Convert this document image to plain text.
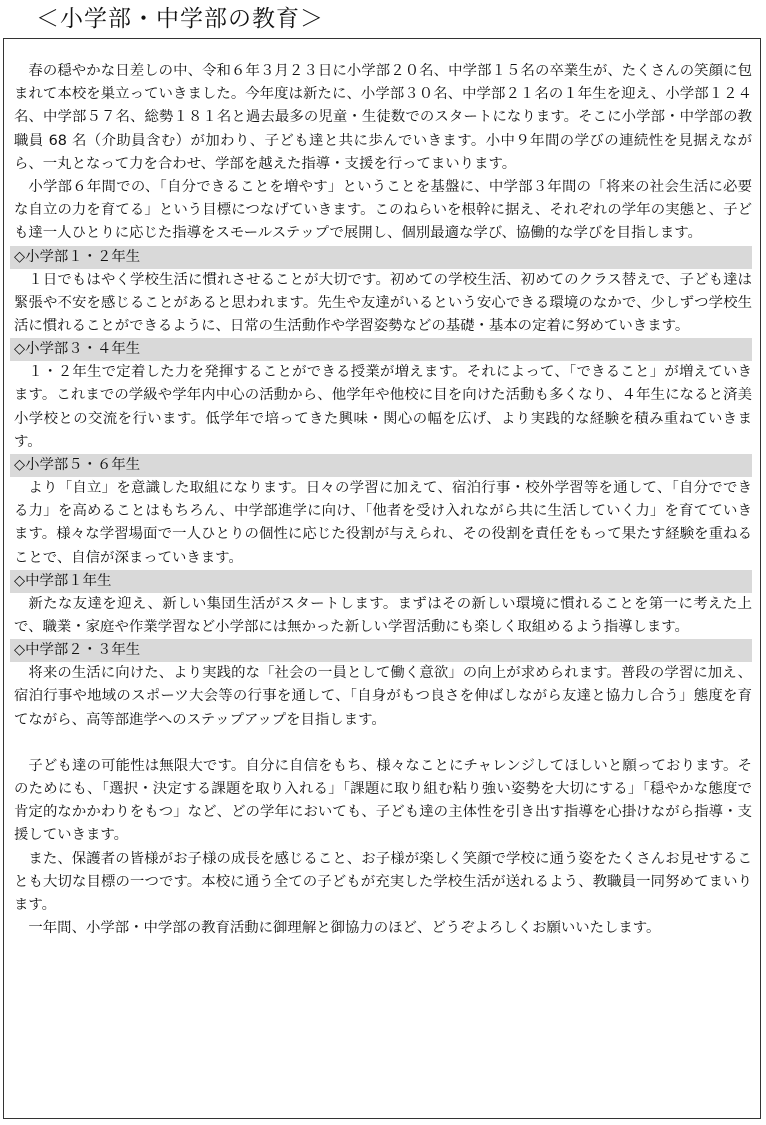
＜小学部・中学部の教育＞

春の穏やかな日差しの中、令和６年３月２３日に小学部２０名、中学部１５名の卒業生が、たくさんの笑顔に包まれて本校を巣立っていきました。今年度は新たに、小学部３０名、中学部２１名の１年生を迎え、小学部１２４名、中学部５７名、総勢１８１名と過去最多の児童・生徒数でのスタートになります。そこに小学部・中学部の教職員 68 名（介助員含む）が加わり、子ども達と共に歩んでいきます。小中９年間の学びの連続性を見据えながら、一丸となって力を合わせ、学部を越えた指導・支援を行ってまいります。

小学部６年間での、「自分できることを増やす」ということを基盤に、中学部３年間の「将来の社会生活に必要な自立の力を育てる」という目標につなげていきます。このねらいを根幹に据え、それぞれの学年の実態と、子ども達一人ひとりに応じた指導をスモールステップで展開し、個別最適な学び、協働的な学びを目指します。

◇小学部１・２年生

１日でもはやく学校生活に慣れさせることが大切です。初めての学校生活、初めてのクラス替えで、子ども達は緊張や不安を感じることがあると思われます。先生や友達がいるという安心できる環境のなかで、少しずつ学校生活に慣れることができるように、日常の生活動作や学習姿勢などの基礎・基本の定着に努めていきます。

◇小学部３・４年生

１・２年生で定着した力を発揮することができる授業が増えます。それによって、「できること」が増えていきます。これまでの学級や学年内中心の活動から、他学年や他校に目を向けた活動も多くなり、４年生になると済美小学校との交流を行います。低学年で培ってきた興味・関心の幅を広げ、より実践的な経験を積み重ねていきます。

◇小学部５・６年生

より「自立」を意識した取組になります。日々の学習に加えて、宿泊行事・校外学習等を通して、「自分でできる力」を高めることはもちろん、中学部進学に向け、「他者を受け入れながら共に生活していく力」を育てていきます。様々な学習場面で一人ひとりの個性に応じた役割が与えられ、その役割を責任をもって果たす経験を重ねることで、自信が深まっていきます。

◇中学部１年生

新たな友達を迎え、新しい集団生活がスタートします。まずはその新しい環境に慣れることを第一に考えた上で、職業・家庭や作業学習など小学部には無かった新しい学習活動にも楽しく取組めるよう指導します。

◇中学部２・３年生

将来の生活に向けた、より実践的な「社会の一員として働く意欲」の向上が求められます。普段の学習に加え、宿泊行事や地域のスポーツ大会等の行事を通して、「自身がもつ良さを伸ばしながら友達と協力し合う」態度を育てながら、高等部進学へのステップアップを目指します。

子ども達の可能性は無限大です。自分に自信をもち、様々なことにチャレンジしてほしいと願っております。そのためにも、「選択・決定する課題を取り入れる」「課題に取り組む粘り強い姿勢を大切にする」「穏やかな態度で肯定的なかかわりをもつ」など、どの学年においても、子ども達の主体性を引き出す指導を心掛けながら指導・支援していきます。

また、保護者の皆様がお子様の成長を感じること、お子様が楽しく笑顔で学校に通う姿をたくさんお見せすることも大切な目標の一つです。本校に通う全ての子どもが充実した学校生活が送れるよう、教職員一同努めてまいります。

一年間、小学部・中学部の教育活動に御理解と御協力のほど、どうぞよろしくお願いいたします。
